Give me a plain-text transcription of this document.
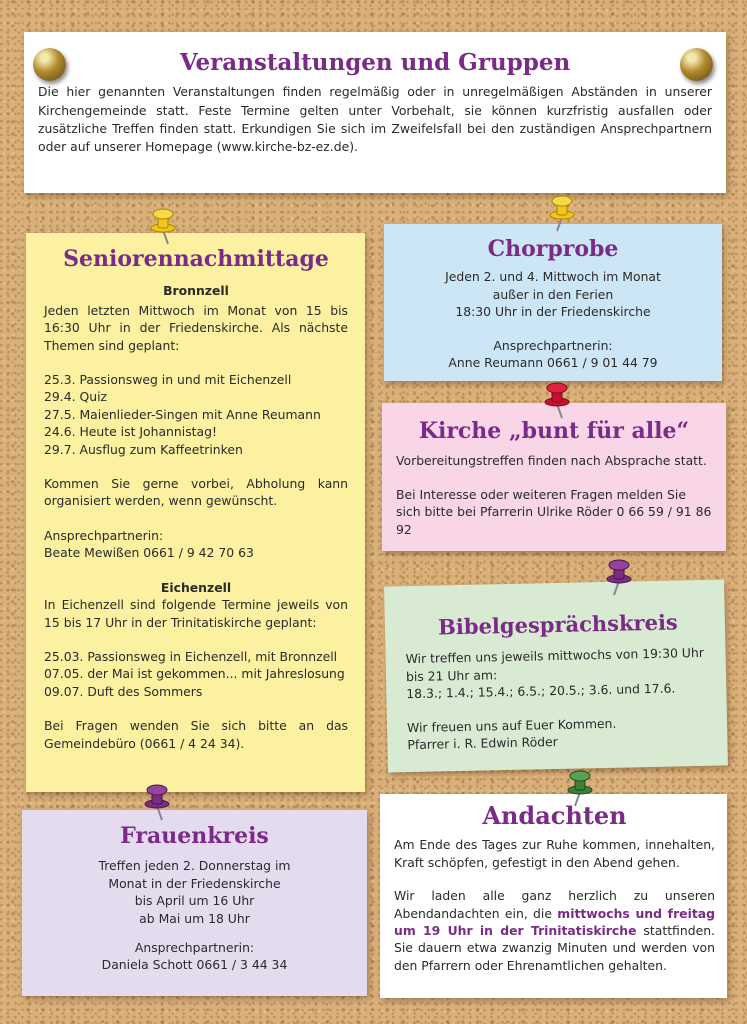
Veranstaltungen und Gruppen

Die hier genannten Veranstaltungen finden regelmäßig oder in unregelmäßigen Abständen in unserer Kirchengemeinde statt. Feste Termine gelten unter Vorbehalt, sie können kurzfristig ausfallen oder zusätzliche Treffen finden statt. Erkundigen Sie sich im Zweifelsfall bei den zuständigen Ansprechpartnern oder auf unserer Homepage (www.kirche-bz-ez.de).

Seniorennachmittage
Bronnzell

Jeden letzten Mittwoch im Monat von 15 bis 16:30 Uhr in der Friedenskirche. Als nächste Themen sind geplant:

25.3. Passionsweg in und mit Eichenzell
29.4. Quiz
27.5. Maienlieder-Singen mit Anne Reumann
24.6. Heute ist Johannistag!
29.7. Ausflug zum Kaffeetrinken

Kommen Sie gerne vorbei, Abholung kann organisiert werden, wenn gewünscht.

Ansprechpartnerin:
Beate Mewißen 0661 / 9 42 70 63
Eichenzell

In Eichenzell sind folgende Termine jeweils von 15 bis 17 Uhr in der Trinitatiskirche geplant:

25.03. Passionsweg in Eichenzell, mit Bronnzell
07.05. der Mai ist gekommen... mit Jahreslosung
09.07. Duft des Sommers

Bei Fragen wenden Sie sich bitte an das Gemeindebüro (0661 / 4 24 34).

Chorprobe

Jeden 2. und 4. Mittwoch im Monat
außer in den Ferien
18:30 Uhr in der Friedenskirche

Ansprechpartnerin:
Anne Reumann 0661 / 9 01 44 79
Kirche „bunt für alle“

Vorbereitungstreffen finden nach Absprache statt.

Bei Interesse oder weiteren Fragen melden Sie sich bitte bei Pfarrerin Ulrike Röder 0 66 59 / 91 86 92

Bibelgesprächskreis

Wir treffen uns jeweils mittwochs von 19:30 Uhr bis 21 Uhr am:
18.3.; 1.4.; 15.4.; 6.5.; 20.5.; 3.6. und 17.6.

Wir freuen uns auf Euer Kommen.
Pfarrer i. R. Edwin Röder

Frauenkreis

Treffen jeden 2. Donnerstag im
Monat in der Friedenskirche
bis April um 16 Uhr
ab Mai um 18 Uhr

Ansprechpartnerin:
Daniela Schott 0661 / 3 44 34
Andachten

Am Ende des Tages zur Ruhe kommen, innehalten, Kraft schöpfen, gefestigt in den Abend gehen.

Wir laden alle ganz herzlich zu unseren Abendandachten ein, die mittwochs und freitag um 19 Uhr in der Trinitatiskirche stattfinden. Sie dauern etwa zwanzig Minuten und werden von den Pfarrern oder Ehrenamtlichen gehalten.
